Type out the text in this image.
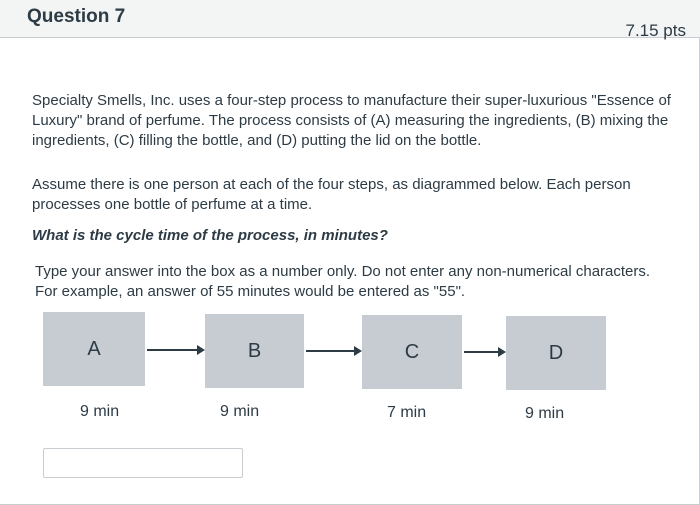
Question 7
7.15 pts

Specialty Smells, Inc. uses a four-step process to manufacture their super-luxurious "Essence of Luxury" brand of perfume. The process consists of (A) measuring the ingredients, (B) mixing the ingredients, (C) filling the bottle, and (D) putting the lid on the bottle.

Assume there is one person at each of the four steps, as diagrammed below. Each person processes one bottle of perfume at a time.

What is the cycle time of the process, in minutes?

Type your answer into the box as a number only. Do not enter any non-numerical characters. For example, an answer of 55 minutes would be entered as "55".

A	B	C	D
9 min	9 min	7 min	9 min
